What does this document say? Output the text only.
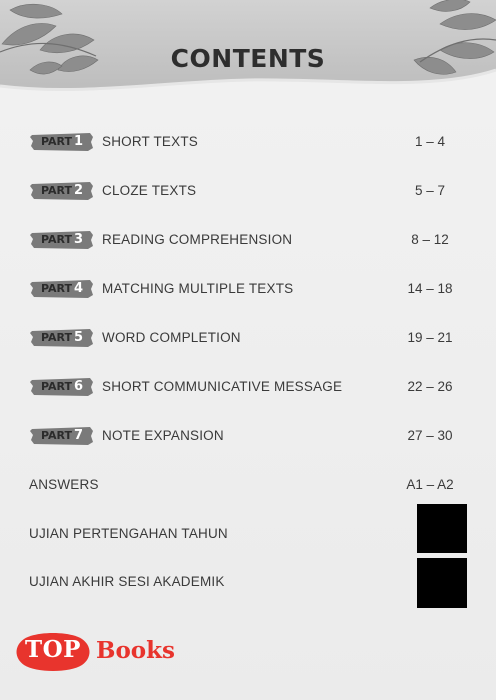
CONTENTS
PART 1	SHORT TEXTS	1 – 4
PART 2	CLOZE TEXTS	5 – 7
PART 3	READING COMPREHENSION	8 – 12
PART 4	MATCHING MULTIPLE TEXTS	14 – 18
PART 5	WORD COMPLETION	19 – 21
PART 6	SHORT COMMUNICATIVE MESSAGE	22 – 26
PART 7	NOTE EXPANSION	27 – 30
ANSWERS	A1 – A2
UJIAN PERTENGAHAN TAHUN
UJIAN AKHIR SESI AKADEMIK
TOP Books
